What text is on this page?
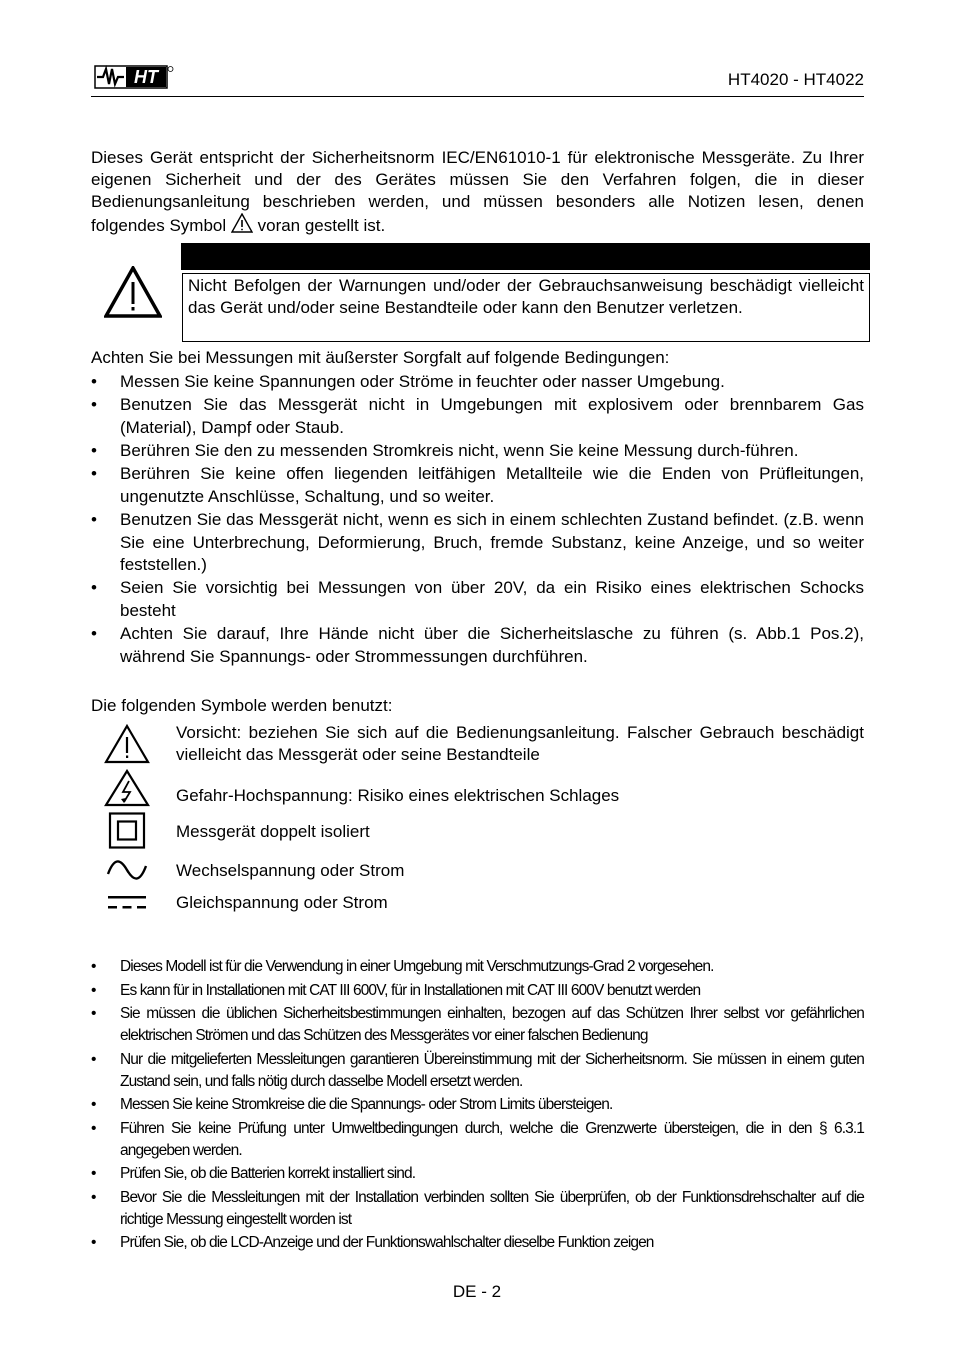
HT	HT4020 - HT4022

Dieses Gerät entspricht der Sicherheitsnorm IEC/EN61010-1 für elektronische Messgeräte. Zu Ihrer eigenen Sicherheit und der des Gerätes müssen Sie den Verfahren folgen, die in dieser Bedienungsanleitung beschrieben werden, und müssen besonders alle Notizen lesen, denen folgendes Symbol voran gestellt ist.

Nicht Befolgen der Warnungen und/oder der Gebrauchsanweisung beschädigt vielleicht das Gerät und/oder seine Bestandteile oder kann den Benutzer verletzen.

Achten Sie bei Messungen mit äußerster Sorgfalt auf folgende Bedingungen:

• Messen Sie keine Spannungen oder Ströme in feuchter oder nasser Umgebung.
• Benutzen Sie das Messgerät nicht in Umgebungen mit explosivem oder brennbarem Gas (Material), Dampf oder Staub.
• Berühren Sie den zu messenden Stromkreis nicht, wenn Sie keine Messung durch-führen.
• Berühren Sie keine offen liegenden leitfähigen Metallteile wie die Enden von Prüfleitungen, ungenutzte Anschlüsse, Schaltung, und so weiter.
• Benutzen Sie das Messgerät nicht, wenn es sich in einem schlechten Zustand befindet. (z.B. wenn Sie eine Unterbrechung, Deformierung, Bruch, fremde Substanz, keine Anzeige, und so weiter feststellen.)
• Seien Sie vorsichtig bei Messungen von über 20V, da ein Risiko eines elektrischen Schocks besteht
• Achten Sie darauf, Ihre Hände nicht über die Sicherheitslasche zu führen (s. Abb.1 Pos.2), während Sie Spannungs- oder Strommessungen durchführen.

Die folgenden Symbole werden benutzt:

Vorsicht: beziehen Sie sich auf die Bedienungsanleitung. Falscher Gebrauch beschädigt vielleicht das Messgerät oder seine Bestandteile

Gefahr-Hochspannung: Risiko eines elektrischen Schlages

Messgerät doppelt isoliert

Wechselspannung oder Strom

Gleichspannung oder Strom

• Dieses Modell ist für die Verwendung in einer Umgebung mit Verschmutzungs-Grad 2 vorgesehen.
• Es kann für in Installationen mit CAT III 600V, für in Installationen mit CAT III 600V benutzt werden
• Sie müssen die üblichen Sicherheitsbestimmungen einhalten, bezogen auf das Schützen Ihrer selbst vor gefährlichen elektrischen Strömen und das Schützen des Messgerätes vor einer falschen Bedienung
• Nur die mitgelieferten Messleitungen garantieren Übereinstimmung mit der Sicherheitsnorm. Sie müssen in einem guten Zustand sein, und falls nötig durch dasselbe Modell ersetzt werden.
• Messen Sie keine Stromkreise die die Spannungs- oder Strom Limits übersteigen.
• Führen Sie keine Prüfung unter Umweltbedingungen durch, welche die Grenzwerte übersteigen, die in den § 6.3.1 angegeben werden.
• Prüfen Sie, ob die Batterien korrekt installiert sind.
• Bevor Sie die Messleitungen mit der Installation verbinden sollten Sie überprüfen, ob der Funktionsdrehschalter auf die richtige Messung eingestellt worden ist
• Prüfen Sie, ob die LCD-Anzeige und der Funktionswahlschalter dieselbe Funktion zeigen
DE - 2
